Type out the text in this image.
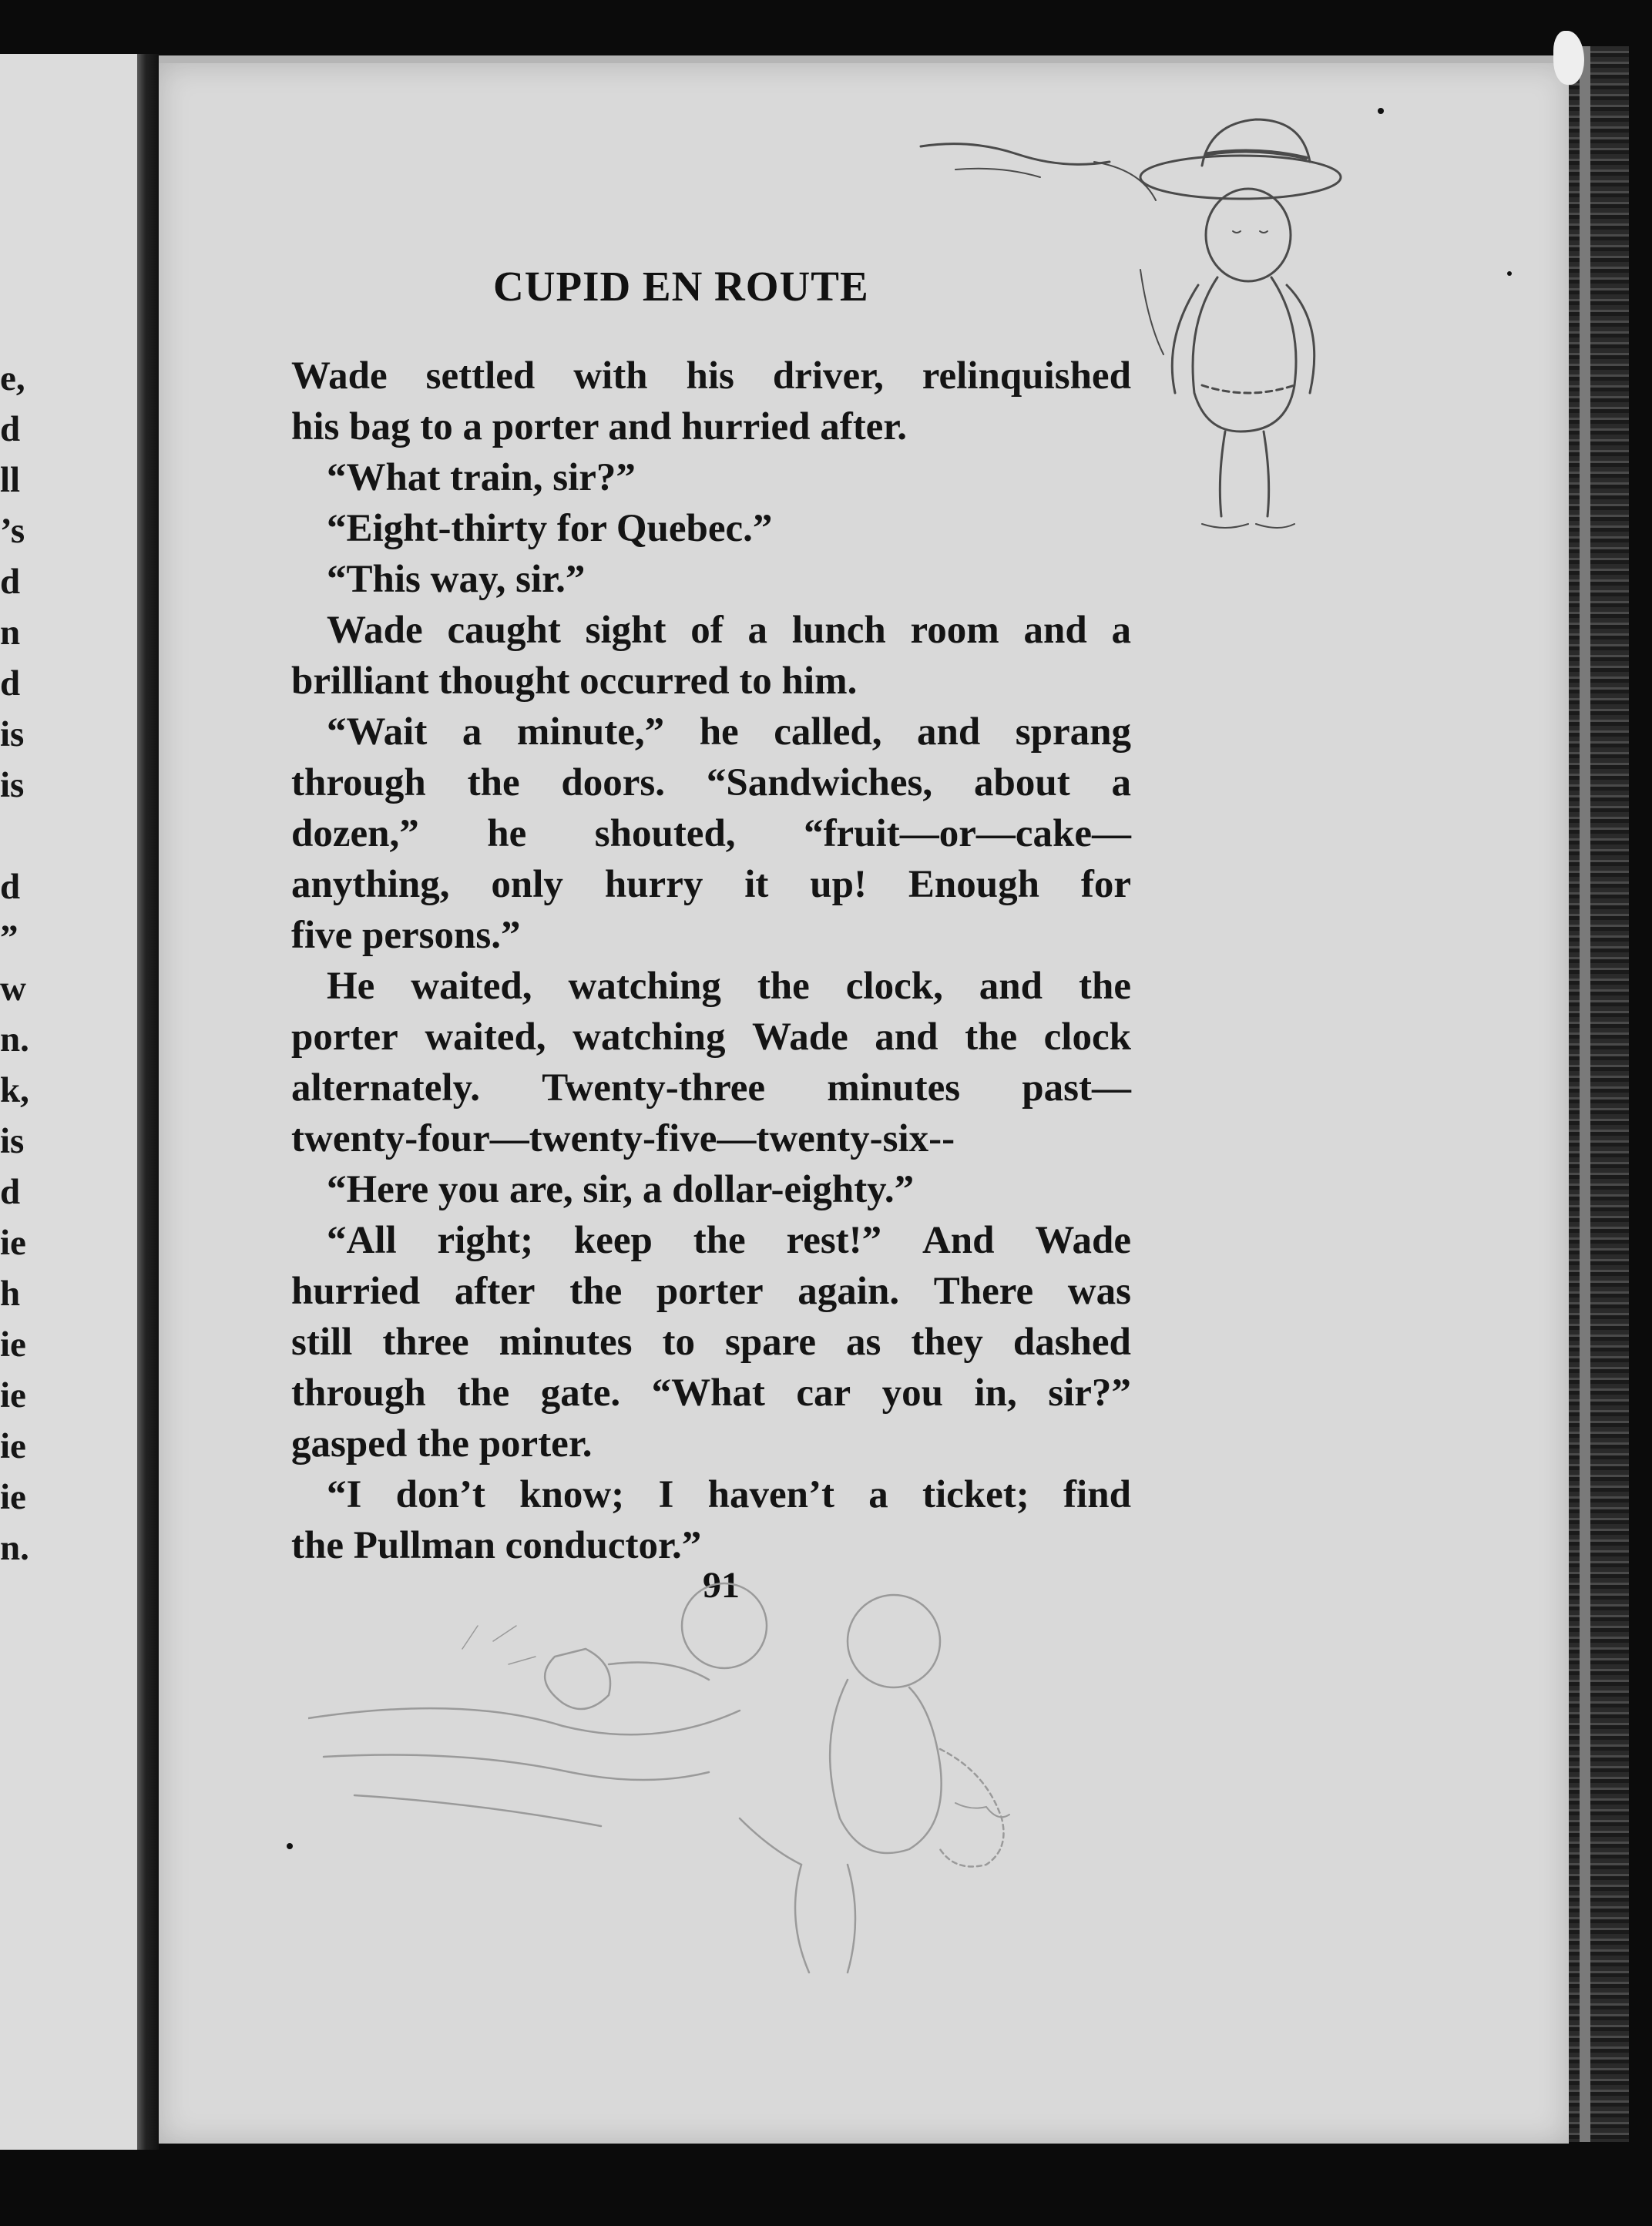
e,
d
ll
’s
d
n
d
is
is
d
”
w
n.
k,
is
d
ie
h
ie
ie
ie
ie
n.
CUPID EN ROUTE
Wade settled with his driver, relinquished
his bag to a porter and hurried after.
“What train, sir?”
“Eight-thirty for Quebec.”
“This way, sir.”
Wade caught sight of a lunch room and a
brilliant thought occurred to him.
“Wait a minute,” he called, and sprang
through the doors. “Sandwiches, about a
dozen,” he shouted, “fruit—or—cake—
anything, only hurry it up! Enough for
five persons.”
He waited, watching the clock, and the
porter waited, watching Wade and the clock
alternately. Twenty-three minutes past—
twenty-four—twenty-five—twenty-six--
“Here you are, sir, a dollar-eighty.”
“All right; keep the rest!” And Wade
hurried after the porter again. There was
still three minutes to spare as they dashed
through the gate. “What car you in, sir?”
gasped the porter.
“I don’t know; I haven’t a ticket; find
the Pullman conductor.”
91
